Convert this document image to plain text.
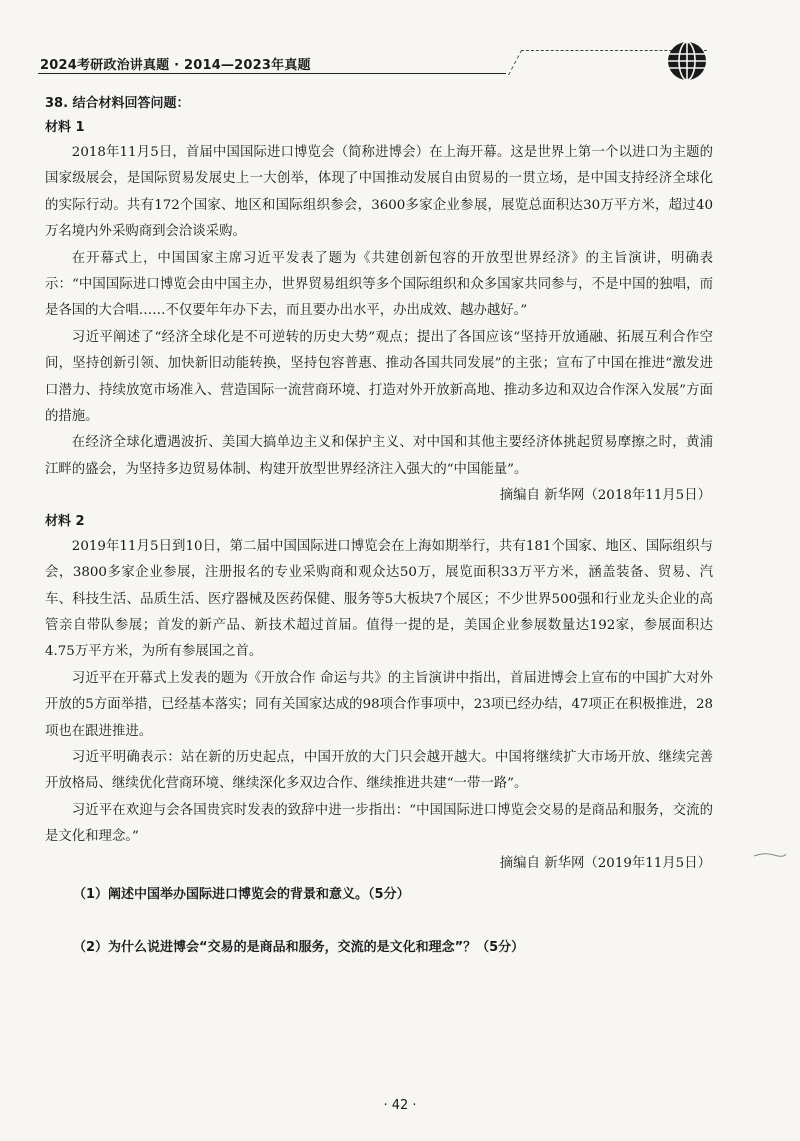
2024考研政治讲真题 · 2014—2023年真题

38. 结合材料回答问题：

材料 1

2018年11月5日，首届中国国际进口博览会（简称进博会）在上海开幕。这是世界上第一个以进口为主题的国家级展会，是国际贸易发展史上一大创举，体现了中国推动发展自由贸易的一贯立场，是中国支持经济全球化的实际行动。共有172个国家、地区和国际组织参会，3600多家企业参展，展览总面积达30万平方米，超过40万名境内外采购商到会洽谈采购。

在开幕式上，中国国家主席习近平发表了题为《共建创新包容的开放型世界经济》的主旨演讲，明确表示：“中国国际进口博览会由中国主办，世界贸易组织等多个国际组织和众多国家共同参与，不是中国的独唱，而是各国的大合唱……不仅要年年办下去，而且要办出水平，办出成效、越办越好。”

习近平阐述了“经济全球化是不可逆转的历史大势”观点；提出了各国应该“坚持开放通融、拓展互利合作空间，坚持创新引领、加快新旧动能转换，坚持包容普惠、推动各国共同发展”的主张；宣布了中国在推进“激发进口潜力、持续放宽市场准入、营造国际一流营商环境、打造对外开放新高地、推动多边和双边合作深入发展”方面的措施。

在经济全球化遭遇波折、美国大搞单边主义和保护主义、对中国和其他主要经济体挑起贸易摩擦之时，黄浦江畔的盛会，为坚持多边贸易体制、构建开放型世界经济注入强大的“中国能量”。

摘编自 新华网（2018年11月5日）

材料 2

2019年11月5日到10日，第二届中国国际进口博览会在上海如期举行，共有181个国家、地区、国际组织与会，3800多家企业参展，注册报名的专业采购商和观众达50万，展览面积33万平方米，涵盖装备、贸易、汽车、科技生活、品质生活、医疗器械及医药保健、服务等5大板块7个展区；不少世界500强和行业龙头企业的高管亲自带队参展；首发的新产品、新技术超过首届。值得一提的是，美国企业参展数量达192家，参展面积达4.75万平方米，为所有参展国之首。

习近平在开幕式上发表的题为《开放合作 命运与共》的主旨演讲中指出，首届进博会上宣布的中国扩大对外开放的5方面举措，已经基本落实；同有关国家达成的98项合作事项中，23项已经办结，47项正在积极推进，28项也在跟进推进。

习近平明确表示：站在新的历史起点，中国开放的大门只会越开越大。中国将继续扩大市场开放、继续完善开放格局、继续优化营商环境、继续深化多双边合作、继续推进共建“一带一路”。

习近平在欢迎与会各国贵宾时发表的致辞中进一步指出：“中国国际进口博览会交易的是商品和服务，交流的是文化和理念。”

摘编自 新华网（2019年11月5日）

（1）阐述中国举办国际进口博览会的背景和意义。（5分）

（2）为什么说进博会“交易的是商品和服务，交流的是文化和理念”？（5分）

· 42 ·
